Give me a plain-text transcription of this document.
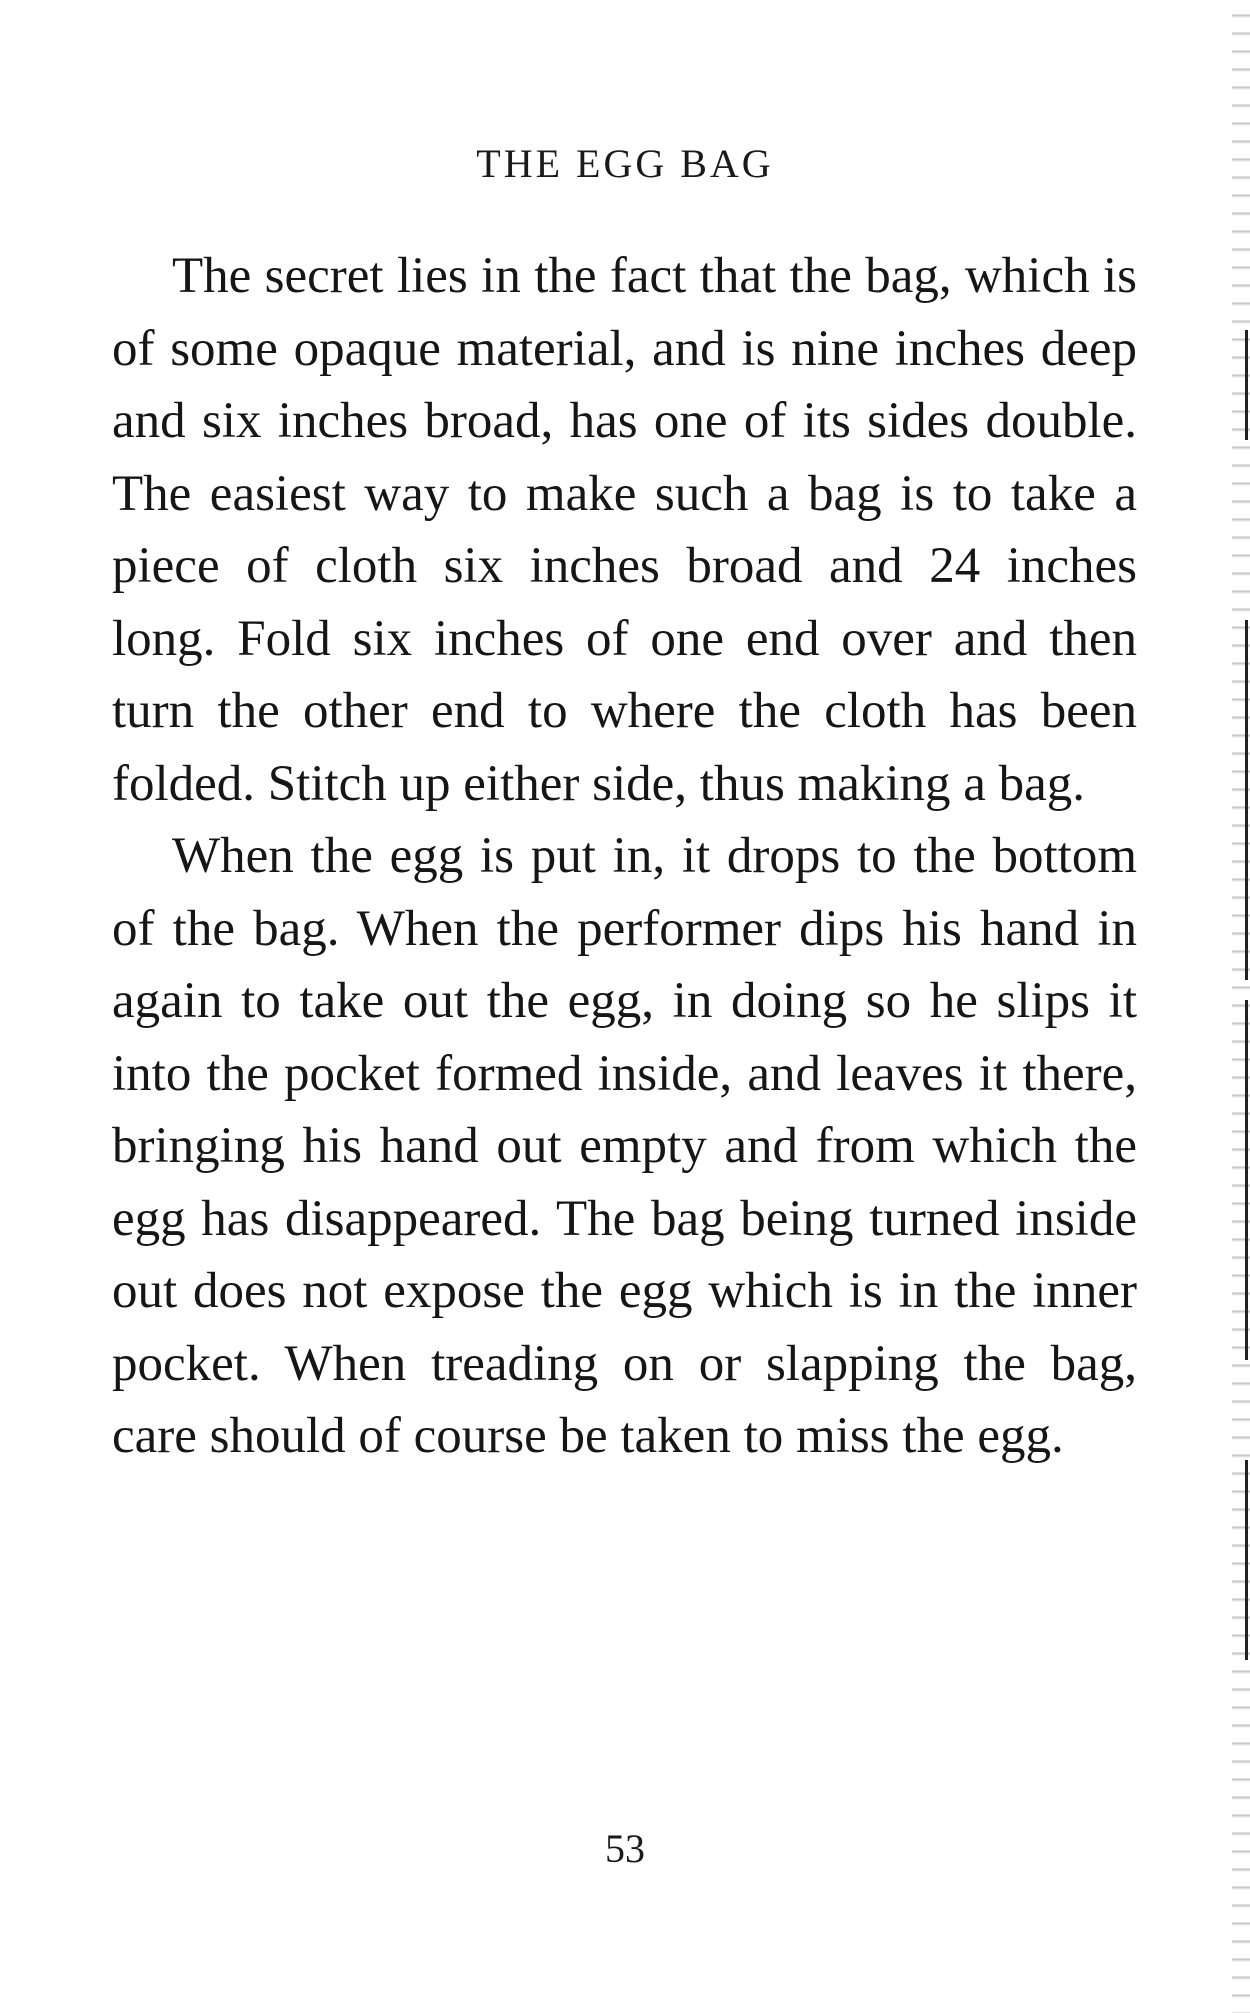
THE EGG BAG

The secret lies in the fact that the bag, which is of some opaque material, and is nine inches deep and six inches broad, has one of its sides double. The easiest way to make such a bag is to take a piece of cloth six inches broad and 24 inches long. Fold six inches of one end over and then turn the other end to where the cloth has been folded. Stitch up either side, thus making a bag.

When the egg is put in, it drops to the bottom of the bag. When the performer dips his hand in again to take out the egg, in doing so he slips it into the pocket formed inside, and leaves it there, bringing his hand out empty and from which the egg has disappeared. The bag being turned inside out does not expose the egg which is in the inner pocket. When treading on or slapping the bag, care should of course be taken to miss the egg.

53
